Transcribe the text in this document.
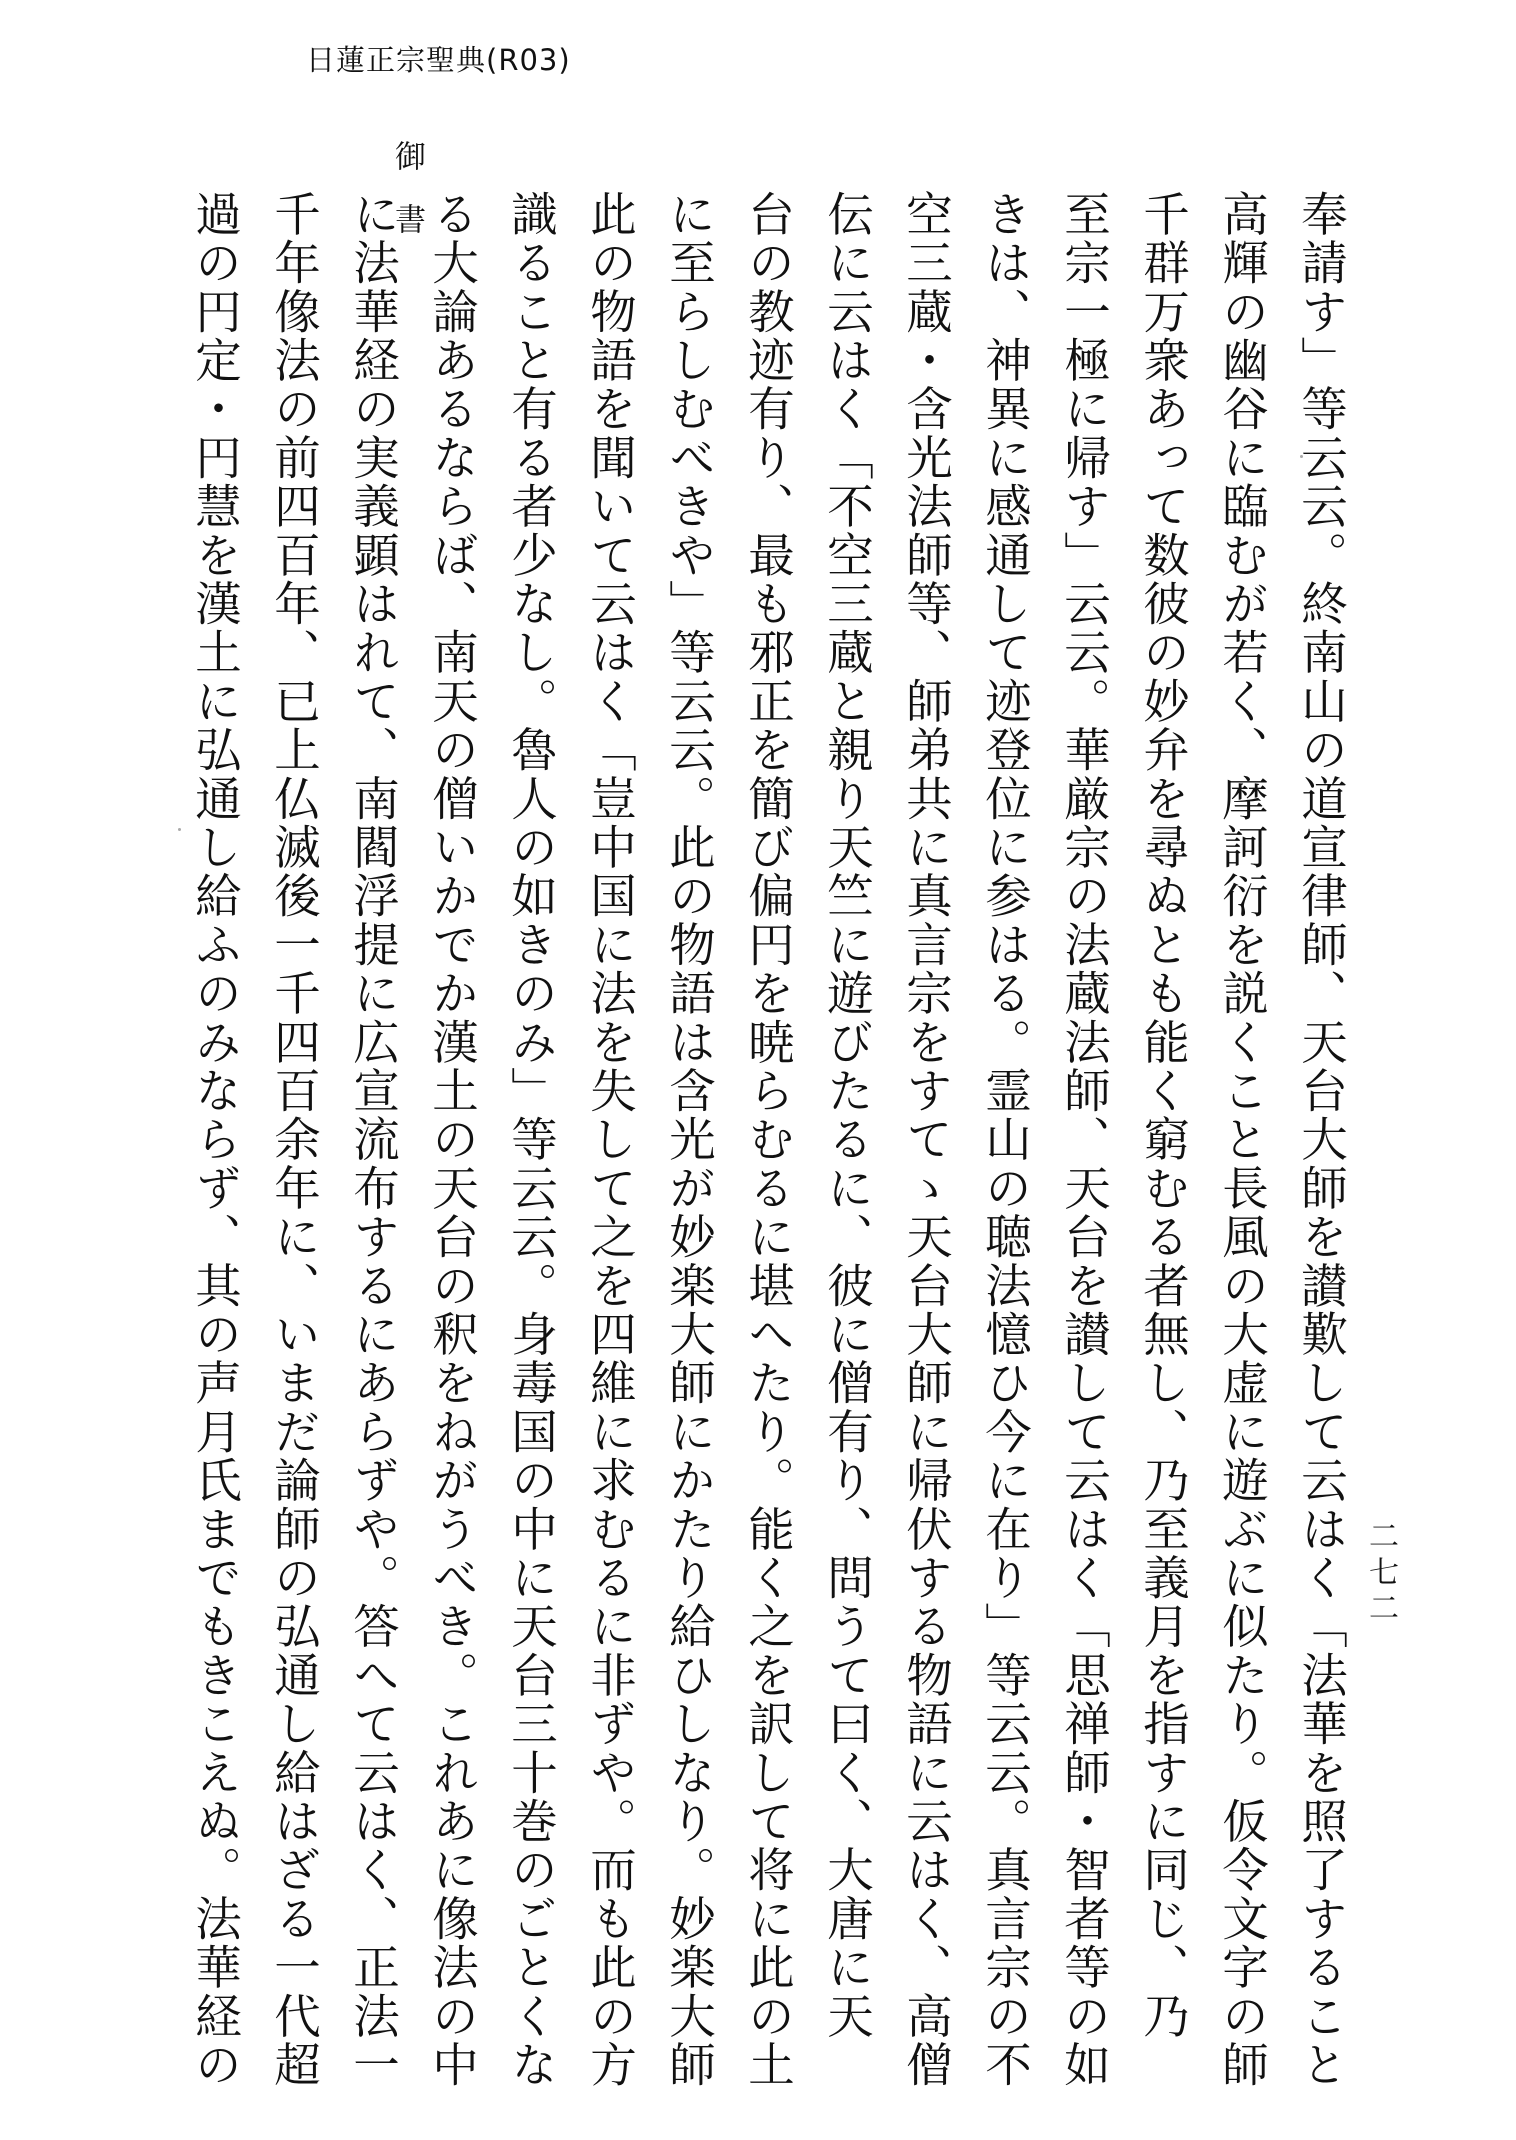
日蓮正宗聖典(R03)
御書
二七二
奉請す」等云云。終南山の道宣律師、天台大師を讃歎して云はく「法華を照了すること
高輝の幽谷に臨むが若く、摩訶衍を説くこと長風の大虚に遊ぶに似たり。仮令文字の師
千群万衆あって数彼の妙弁を尋ぬとも能く窮むる者無し、乃至義月を指すに同じ、乃
至宗一極に帰す」云云。華厳宗の法蔵法師、天台を讃して云はく「思禅師・智者等の如
きは、神異に感通して迹登位に参はる。霊山の聴法憶ひ今に在り」等云云。真言宗の不
空三蔵・含光法師等、師弟共に真言宗をすてゝ天台大師に帰伏する物語に云はく、高僧
伝に云はく「不空三蔵と親り天竺に遊びたるに、彼に僧有り、問うて曰く、大唐に天
台の教迹有り、最も邪正を簡び偏円を暁らむるに堪へたり。能く之を訳して将に此の土
に至らしむべきや」等云云。此の物語は含光が妙楽大師にかたり給ひしなり。妙楽大師
此の物語を聞いて云はく「豈中国に法を失して之を四維に求むるに非ずや。而も此の方
識ること有る者少なし。魯人の如きのみ」等云云。身毒国の中に天台三十巻のごとくな
る大論あるならば、南天の僧いかでか漢土の天台の釈をねがうべき。これあに像法の中
に法華経の実義顕はれて、南閻浮提に広宣流布するにあらずや。答へて云はく、正法一
千年像法の前四百年、已上仏滅後一千四百余年に、いまだ論師の弘通し給はざる一代超
過の円定・円慧を漢土に弘通し給ふのみならず、其の声月氏までもきこえぬ。法華経の
